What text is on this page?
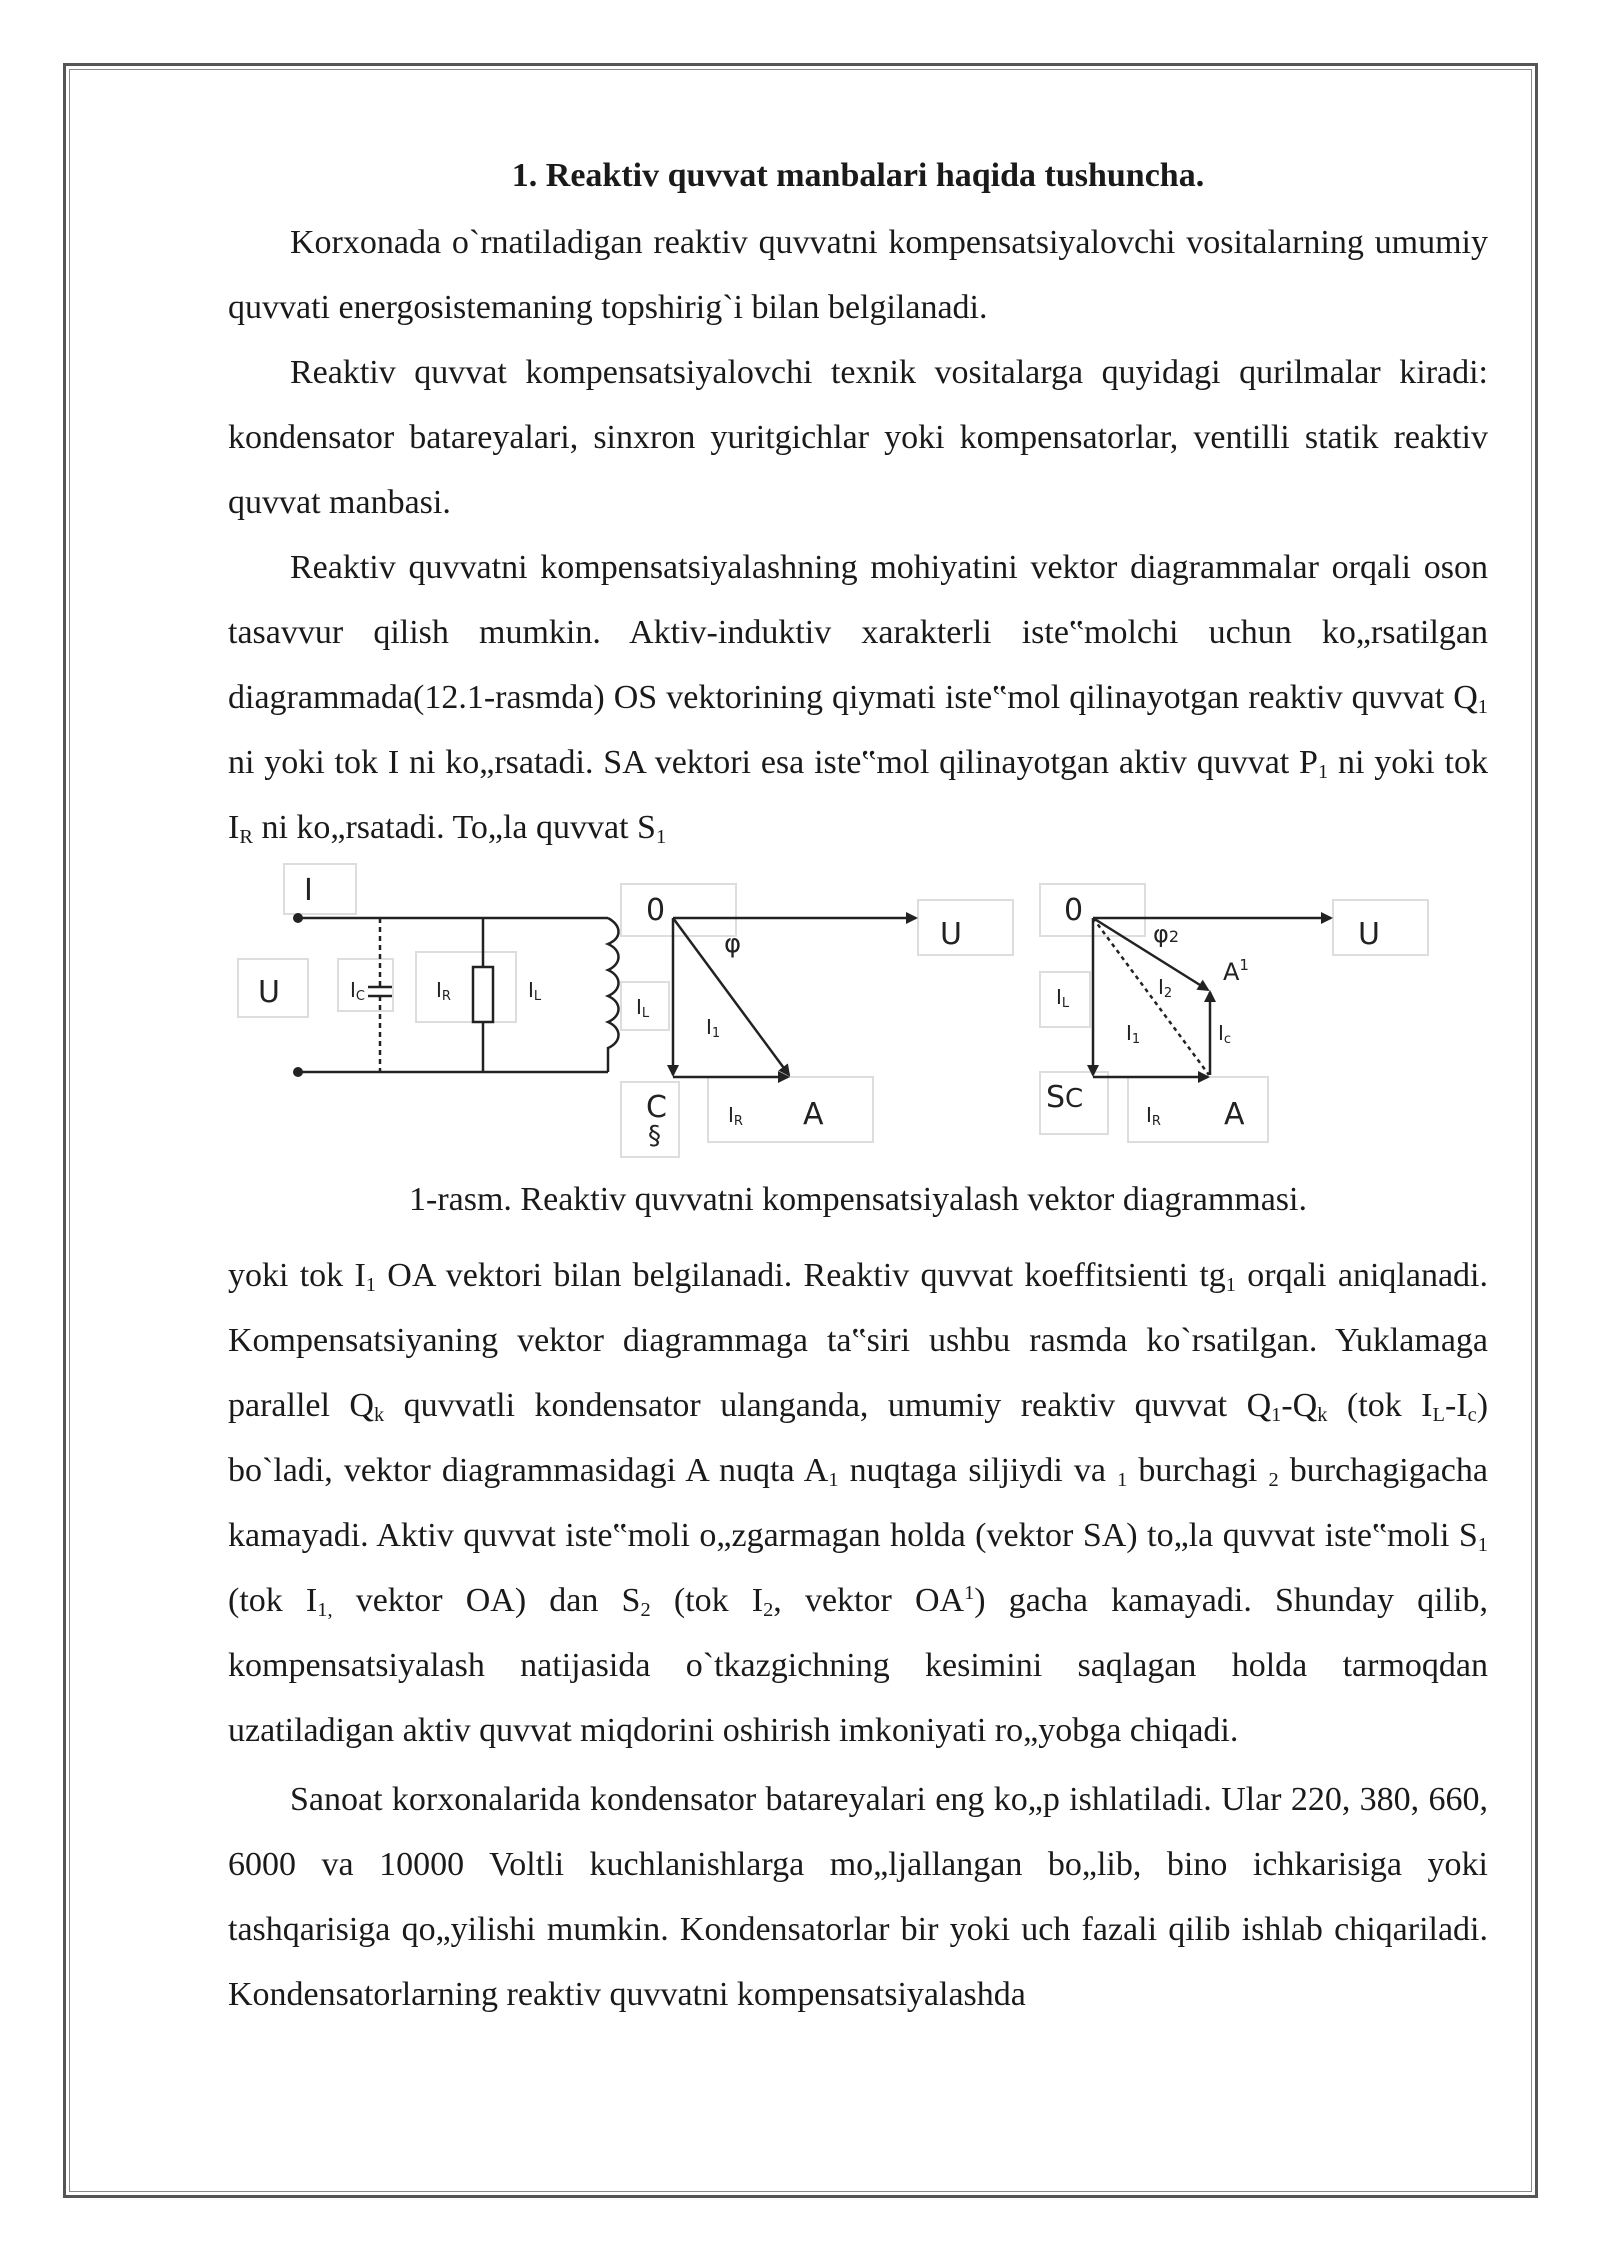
1. Reaktiv quvvat manbalari haqida tushuncha.

Korxonada o`rnatiladigan reaktiv quvvatni kompensatsiyalovchi vositalarning umumiy quvvati energosistemaning topshirig`i bilan belgilanadi.

Reaktiv quvvat kompensatsiyalovchi texnik vositalarga quyidagi qurilmalar kiradi: kondensator batareyalari, sinxron yuritgichlar yoki kompensatorlar, ventilli statik reaktiv quvvat manbasi.

Reaktiv quvvatni kompensatsiyalashning mohiyatini vektor diagrammalar orqali oson tasavvur qilish mumkin. Aktiv-induktiv xarakterli iste‟molchi uchun ko„rsatilgan diagrammada(12.1-rasmda) OS vektorining qiymati iste‟mol qilinayotgan reaktiv quvvat $Q_1$ ni yoki tok I ni ko„rsatadi. SA vektori esa iste‟mol qilinayotgan aktiv quvvat $P_1$ ni yoki tok $I_R$ ni ko„rsatadi. To„la quvvat $S_1$

I
U	IC	IR	IL
0
φ	U
IL
I1
C	IR A
§
0
φ2	U
$A^1$
I2
IL
I1	Ic
SC
IR A
1-rasm. Reaktiv quvvatni kompensatsiyalash vektor diagrammasi.

yoki tok $I_1$ OA vektori bilan belgilanadi. Reaktiv quvvat koeffitsienti $tg_1$ orqali aniqlanadi. Kompensatsiyaning vektor diagrammaga ta‟siri ushbu rasmda ko`rsatilgan. Yuklamaga parallel $Q_k$ quvvatli kondensator ulanganda, umumiy reaktiv quvvat $Q_1-Q_k$ (tok $I_L-I_c$) bo`ladi, vektor diagrammasidagi A nuqta $A_1$ nuqtaga siljiydi va $_1$ burchagi $_2$ burchagigacha kamayadi. Aktiv quvvat iste‟moli o„zgarmagan holda (vektor SA) to„la quvvat iste‟moli $S_1$ (tok $I_{1,}$ vektor OA) dan $S_2$ (tok $I_2$, vektor $OA^1$) gacha kamayadi. Shunday qilib, kompensatsiyalash natijasida o`tkazgichning kesimini saqlagan holda tarmoqdan uzatiladigan aktiv quvvat miqdorini oshirish imkoniyati ro„yobga chiqadi.

Sanoat korxonalarida kondensator batareyalari eng ko„p ishlatiladi. Ular 220, 380, 660, 6000 va 10000 Voltli kuchlanishlarga mo„ljallangan bo„lib, bino ichkarisiga yoki tashqarisiga qo„yilishi mumkin. Kondensatorlar bir yoki uch fazali qilib ishlab chiqariladi. Kondensatorlarning reaktiv quvvatni kompensatsiyalashda
